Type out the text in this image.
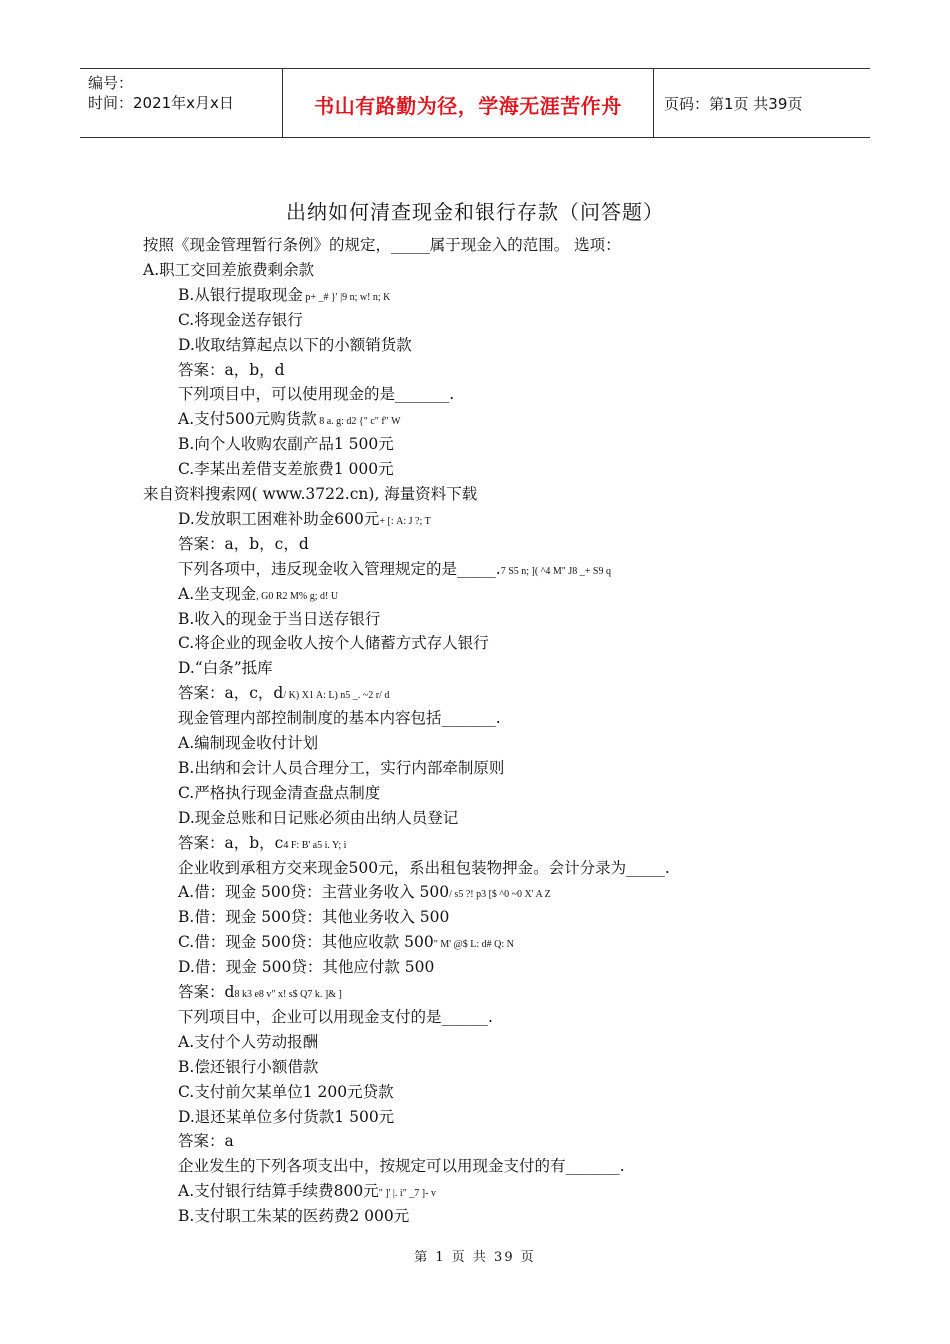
编号：
时间：2021年x月x日	书山有路勤为径，学海无涯苦作舟	页码：第1页 共39页
出纳如何清查现金和银行存款（问答题）
按照《现金管理暂行条例》的规定，_____属于现金入的范围。 选项：
A.职工交回差旅费剩余款
B.从银行提取现金 p+ _# }' |9 n; w! n; K
C.将现金送存银行
D.收取结算起点以下的小额销货款
答案：a，b，d
下列项目中，可以使用现金的是_______.
A.支付500元购货款 8 a. g: d2 {" c" f" W
B.向个人收购农副产品1 500元
C.李某出差借支差旅费1 000元
来自资料搜索网( www.3722.cn), 海量资料下载
D.发放职工困难补助金600元+ [: A: J ?; T
答案：a，b，c，d
下列各项中，违反现金收入管理规定的是_____.7 S5 n; ]( ^4 M" J8 _+ S9 q
A.坐支现金, G0 R2 M% g; d! U
B.收入的现金于当日送存银行
C.将企业的现金收人按个人储蓄方式存人银行
D.“白条”抵库
答案：a，c，d/ K) X1 A: L) n5 _. ~2 r/ d
现金管理内部控制制度的基本内容包括_______.
A.编制现金收付计划
B.出纳和会计人员合理分工，实行内部牵制原则
C.严格执行现金清查盘点制度
D.现金总账和日记账必须由出纳人员登记
答案：a，b，c4 F: B' a5 i. Y; i
企业收到承租方交来现金500元，系出租包装物押金。会计分录为_____.
A.借：现金 500贷：主营业务收入 500/ s5 ?! p3 [$ ^0 ~0 X' A Z
B.借：现金 500贷：其他业务收入 500
C.借：现金 500贷：其他应收款 500" M' @$ L: d# Q: N
D.借：现金 500贷：其他应付款 500
答案：d8 k3 e8 v" x! s$ Q7 k. ]& ]
下列项目中，企业可以用现金支付的是______.
A.支付个人劳动报酬
B.偿还银行小额借款
C.支付前欠某单位1 200元贷款
D.退还某单位多付货款1 500元
答案：a
企业发生的下列各项支出中，按规定可以用现金支付的有_______.
A.支付银行结算手续费800元" ]' |. i" _7 ]- v
B.支付职工朱某的医药费2 000元
第 1 页 共 39 页
